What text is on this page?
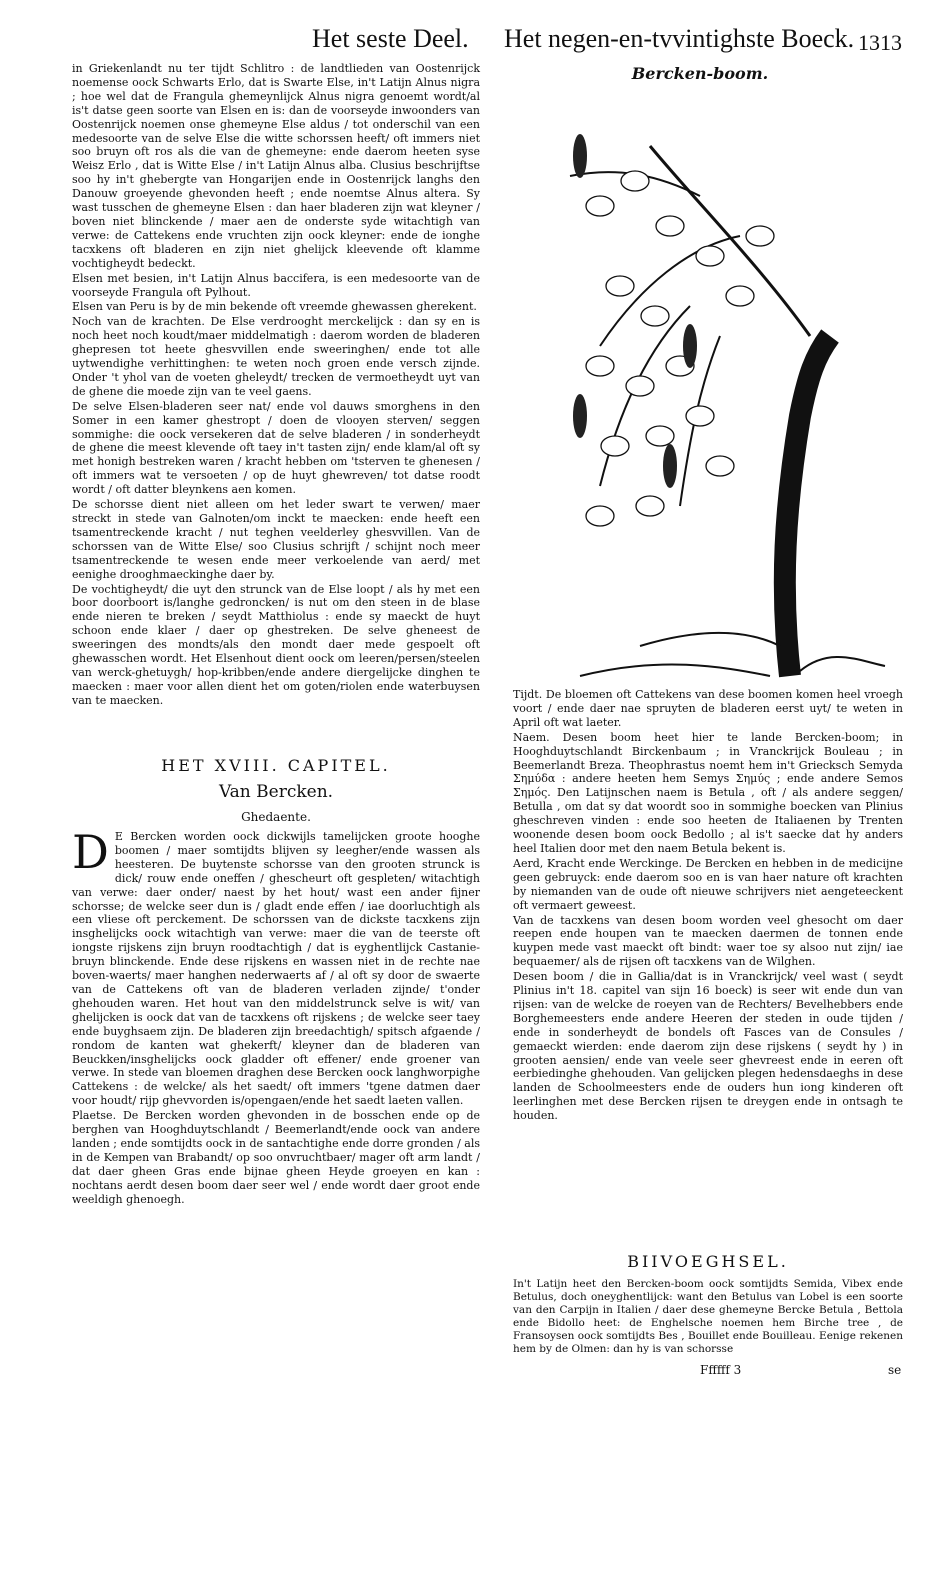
Het seste Deel. Het negen-en-tvvintighste Boeck. 1313

in Griekenlandt nu ter tijdt Schlitro : de landtlieden van Oostenrijck noemense oock Schwarts Erlo, dat is Swarte Else, in't Latijn Alnus nigra ; hoe wel dat de Frangula ghemeynlijck Alnus nigra genoemt wordt/al is't datse geen soorte van Elsen en is: dan de voorseyde inwoonders van Oostenrijck noemen onse ghemeyne Else aldus / tot onderschil van een medesoorte van de selve Else die witte schorssen heeft/ oft immers niet soo bruyn oft ros als die van de ghemeyne: ende daerom heeten syse Weisz Erlo , dat is Witte Else / in't Latijn Alnus alba. Clusius beschrijftse soo hy in't ghebergte van Hongarijen ende in Oostenrijck langhs den Danouw groeyende ghevonden heeft ; ende noemtse Alnus altera. Sy wast tusschen de ghemeyne Elsen : dan haer bladeren zijn wat kleyner / boven niet blinckende / maer aen de onderste syde witachtigh van verwe: de Cattekens ende vruchten zijn oock kleyner: ende de ionghe tacxkens oft bladeren en zijn niet ghelijck kleevende oft klamme vochtigheydt bedeckt.

Elsen met besien, in't Latijn Alnus baccifera, is een medesoorte van de voorseyde Frangula oft Pylhout.

Elsen van Peru is by de min bekende oft vreemde ghewassen gherekent.

Noch van de krachten. De Else verdrooght merckelijck : dan sy en is noch heet noch koudt/maer middelmatigh : daerom worden de bladeren ghepresen tot heete ghesvvillen ende sweeringhen/ ende tot alle uytwendighe verhittinghen: te weten noch groen ende versch zijnde. Onder 't yhol van de voeten gheleydt/ trecken de vermoetheydt uyt van de ghene die moede zijn van te veel gaens.

De selve Elsen-bladeren seer nat/ ende vol dauws smorghens in den Somer in een kamer ghestropt / doen de vlooyen sterven/ seggen sommighe: die oock versekeren dat de selve bladeren / in sonderheydt de ghene die meest klevende oft taey in't tasten zijn/ ende klam/al oft sy met honigh bestreken waren / kracht hebben om 'tsterven te ghenesen / oft immers wat te versoeten / op de huyt ghewreven/ tot datse roodt wordt / oft datter bleynkens aen komen.

De schorsse dient niet alleen om het leder swart te verwen/ maer streckt in stede van Galnoten/om inckt te maecken: ende heeft een tsamentreckende kracht / nut teghen veelderley ghesvvillen. Van de schorssen van de Witte Else/ soo Clusius schrijft / schijnt noch meer tsamentreckende te wesen ende meer verkoelende van aerd/ met eenighe drooghmaeckinghe daer by.

De vochtigheydt/ die uyt den strunck van de Else loopt / als hy met een boor doorboort is/langhe gedroncken/ is nut om den steen in de blase ende nieren te breken / seydt Matthiolus : ende sy maeckt de huyt schoon ende klaer / daer op ghestreken. De selve gheneest de sweeringen des mondts/als den mondt daer mede gespoelt oft ghewasschen wordt. Het Elsenhout dient oock om leeren/persen/steelen van werck-ghetuygh/ hop-kribben/ende andere diergelijcke dinghen te maecken : maer voor allen dient het om goten/riolen ende waterbuysen van te maecken.

HET XVIII. CAPITEL.
Van Bercken.
Ghedaente.

D E Bercken worden oock dickwijls tamelijcken groote hooghe boomen / maer somtijdts blijven sy leegher/ende wassen als heesteren. De buytenste schorsse van den grooten strunck is dick/ rouw ende oneffen / ghescheurt oft gespleten/ witachtigh van verwe: daer onder/ naest by het hout/ wast een ander fijner schorsse; de welcke seer dun is / gladt ende effen / iae doorluchtigh als een vliese oft perckement. De schorssen van de dickste tacxkens zijn insghelijcks oock witachtigh van verwe: maer die van de teerste oft iongste rijskens zijn bruyn roodtachtigh / dat is eyghentlijck Castanie-bruyn blinckende. Ende dese rijskens en wassen niet in de rechte nae boven-waerts/ maer hanghen nederwaerts af / al oft sy door de swaerte van de Cattekens oft van de bladeren verladen zijnde/ t'onder ghehouden waren. Het hout van den middelstrunck selve is wit/ van ghelijcken is oock dat van de tacxkens oft rijskens ; de welcke seer taey ende buyghsaem zijn. De bladeren zijn breedachtigh/ spitsch afgaende / rondom de kanten wat ghekerft/ kleyner dan de bladeren van Beuckken/insghelijcks oock gladder oft effener/ ende groener van verwe. In stede van bloemen draghen dese Bercken oock langhworpighe Cattekens : de welcke/ als het saedt/ oft immers 'tgene datmen daer voor houdt/ rijp ghevvorden is/opengaen/ende het saedt laeten vallen.

Plaetse. De Bercken worden ghevonden in de bosschen ende op de berghen van Hooghduytschlandt / Beemerlandt/ende oock van andere landen ; ende somtijdts oock in de santachtighe ende dorre gronden / als in de Kempen van Brabandt/ op soo onvruchtbaer/ mager oft arm landt / dat daer gheen Gras ende bijnae gheen Heyde groeyen en kan : nochtans aerdt desen boom daer seer wel / ende wordt daer groot ende weeldigh ghenoegh.

Bercken-boom.

Tijdt. De bloemen oft Cattekens van dese boomen komen heel vroegh voort / ende daer nae spruyten de bladeren eerst uyt/ te weten in April oft wat laeter.

Naem. Desen boom heet hier te lande Bercken-boom; in Hooghduytschlandt Birckenbaum ; in Vranckrijck Bouleau ; in Beemerlandt Breza. Theophrastus noemt hem in't Griecksch Semyda Σημύδα : andere heeten hem Semys Σημύς ; ende andere Semos Σημός. Den Latijnschen naem is Betula , oft / als andere seggen/ Betulla , om dat sy dat woordt soo in sommighe boecken van Plinius gheschreven vinden : ende soo heeten de Italiaenen by Trenten woonende desen boom oock Bedollo ; al is't saecke dat hy anders heel Italien door met den naem Betula bekent is.

Aerd, Kracht ende Werckinge. De Bercken en hebben in de medicijne geen gebruyck: ende daerom soo en is van haer nature oft krachten by niemanden van de oude oft nieuwe schrijvers niet aengeteeckent oft vermaert geweest.

Van de tacxkens van desen boom worden veel ghesocht om daer reepen ende houpen van te maecken daermen de tonnen ende kuypen mede vast maeckt oft bindt: waer toe sy alsoo nut zijn/ iae bequaemer/ als de rijsen oft tacxkens van de Wilghen.

Desen boom / die in Gallia/dat is in Vranckrijck/ veel wast ( seydt Plinius in't 18. capitel van sijn 16 boeck) is seer wit ende dun van rijsen: van de welcke de roeyen van de Rechters/ Bevelhebbers ende Borghemeesters ende andere Heeren der steden in oude tijden / ende in sonderheydt de bondels oft Fasces van de Consules / gemaeckt wierden: ende daerom zijn dese rijskens ( seydt hy ) in grooten aensien/ ende van veele seer ghevreest ende in eeren oft eerbiedinghe ghehouden. Van gelijcken plegen hedensdaeghs in dese landen de Schoolmeesters ende de ouders hun iong kinderen oft leerlinghen met dese Bercken rijsen te dreygen ende in ontsagh te houden.

BIIVOEGHSEL.

In't Latijn heet den Bercken-boom oock somtijdts Semida, Vibex ende Betulus, doch oneyghentlijck: want den Betulus van Lobel is een soorte van den Carpijn in Italien / daer dese ghemeyne Bercke Betula , Bettola ende Bidollo heet: de Enghelsche noemen hem Birche tree , de Fransoysen oock somtijdts Bes , Bouillet ende Bouilleau. Eenige rekenen hem by de Olmen: dan hy is van schorsse

Ffffff 3	se
